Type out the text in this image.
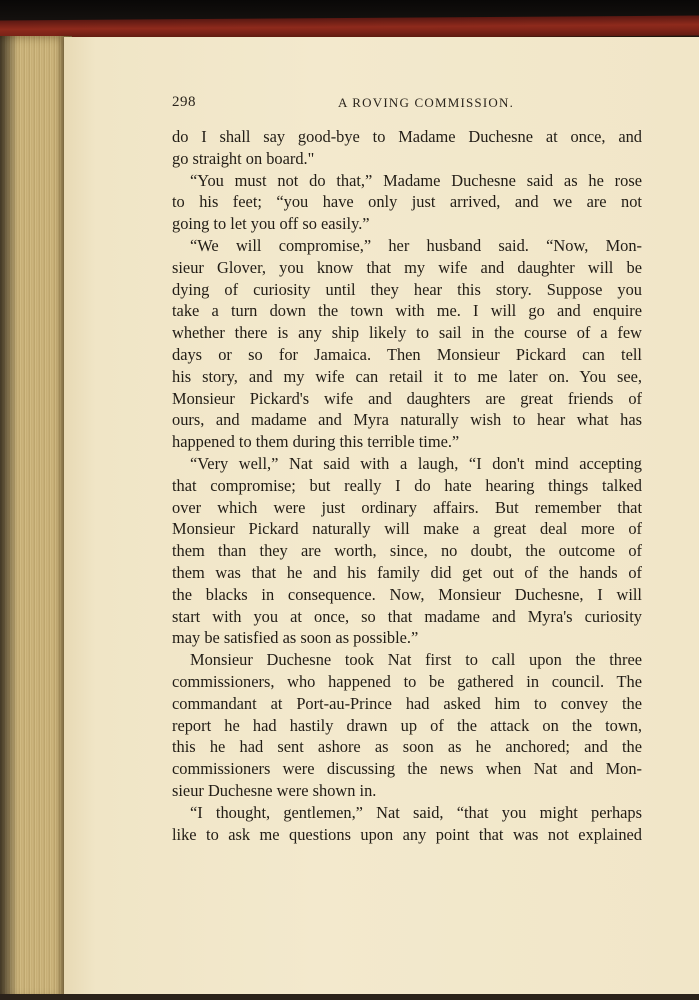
298	A ROVING COMMISSION.
do I shall say good-bye to Madame Duchesne at once, and
go straight on board."
“You must not do that,” Madame Duchesne said as he rose
to his feet; “you have only just arrived, and we are not
going to let you off so easily.”
“We will compromise,” her husband said. “Now, Mon-
sieur Glover, you know that my wife and daughter will be
dying of curiosity until they hear this story. Suppose you
take a turn down the town with me. I will go and enquire
whether there is any ship likely to sail in the course of a few
days or so for Jamaica. Then Monsieur Pickard can tell
his story, and my wife can retail it to me later on. You see,
Monsieur Pickard's wife and daughters are great friends of
ours, and madame and Myra naturally wish to hear what has
happened to them during this terrible time.”
“Very well,” Nat said with a laugh, “I don't mind accepting
that compromise; but really I do hate hearing things talked
over which were just ordinary affairs. But remember that
Monsieur Pickard naturally will make a great deal more of
them than they are worth, since, no doubt, the outcome of
them was that he and his family did get out of the hands of
the blacks in consequence. Now, Monsieur Duchesne, I will
start with you at once, so that madame and Myra's curiosity
may be satisfied as soon as possible.”
Monsieur Duchesne took Nat first to call upon the three
commissioners, who happened to be gathered in council. The
commandant at Port-au-Prince had asked him to convey the
report he had hastily drawn up of the attack on the town,
this he had sent ashore as soon as he anchored; and the
commissioners were discussing the news when Nat and Mon-
sieur Duchesne were shown in.
“I thought, gentlemen,” Nat said, “that you might perhaps
like to ask me questions upon any point that was not explained
